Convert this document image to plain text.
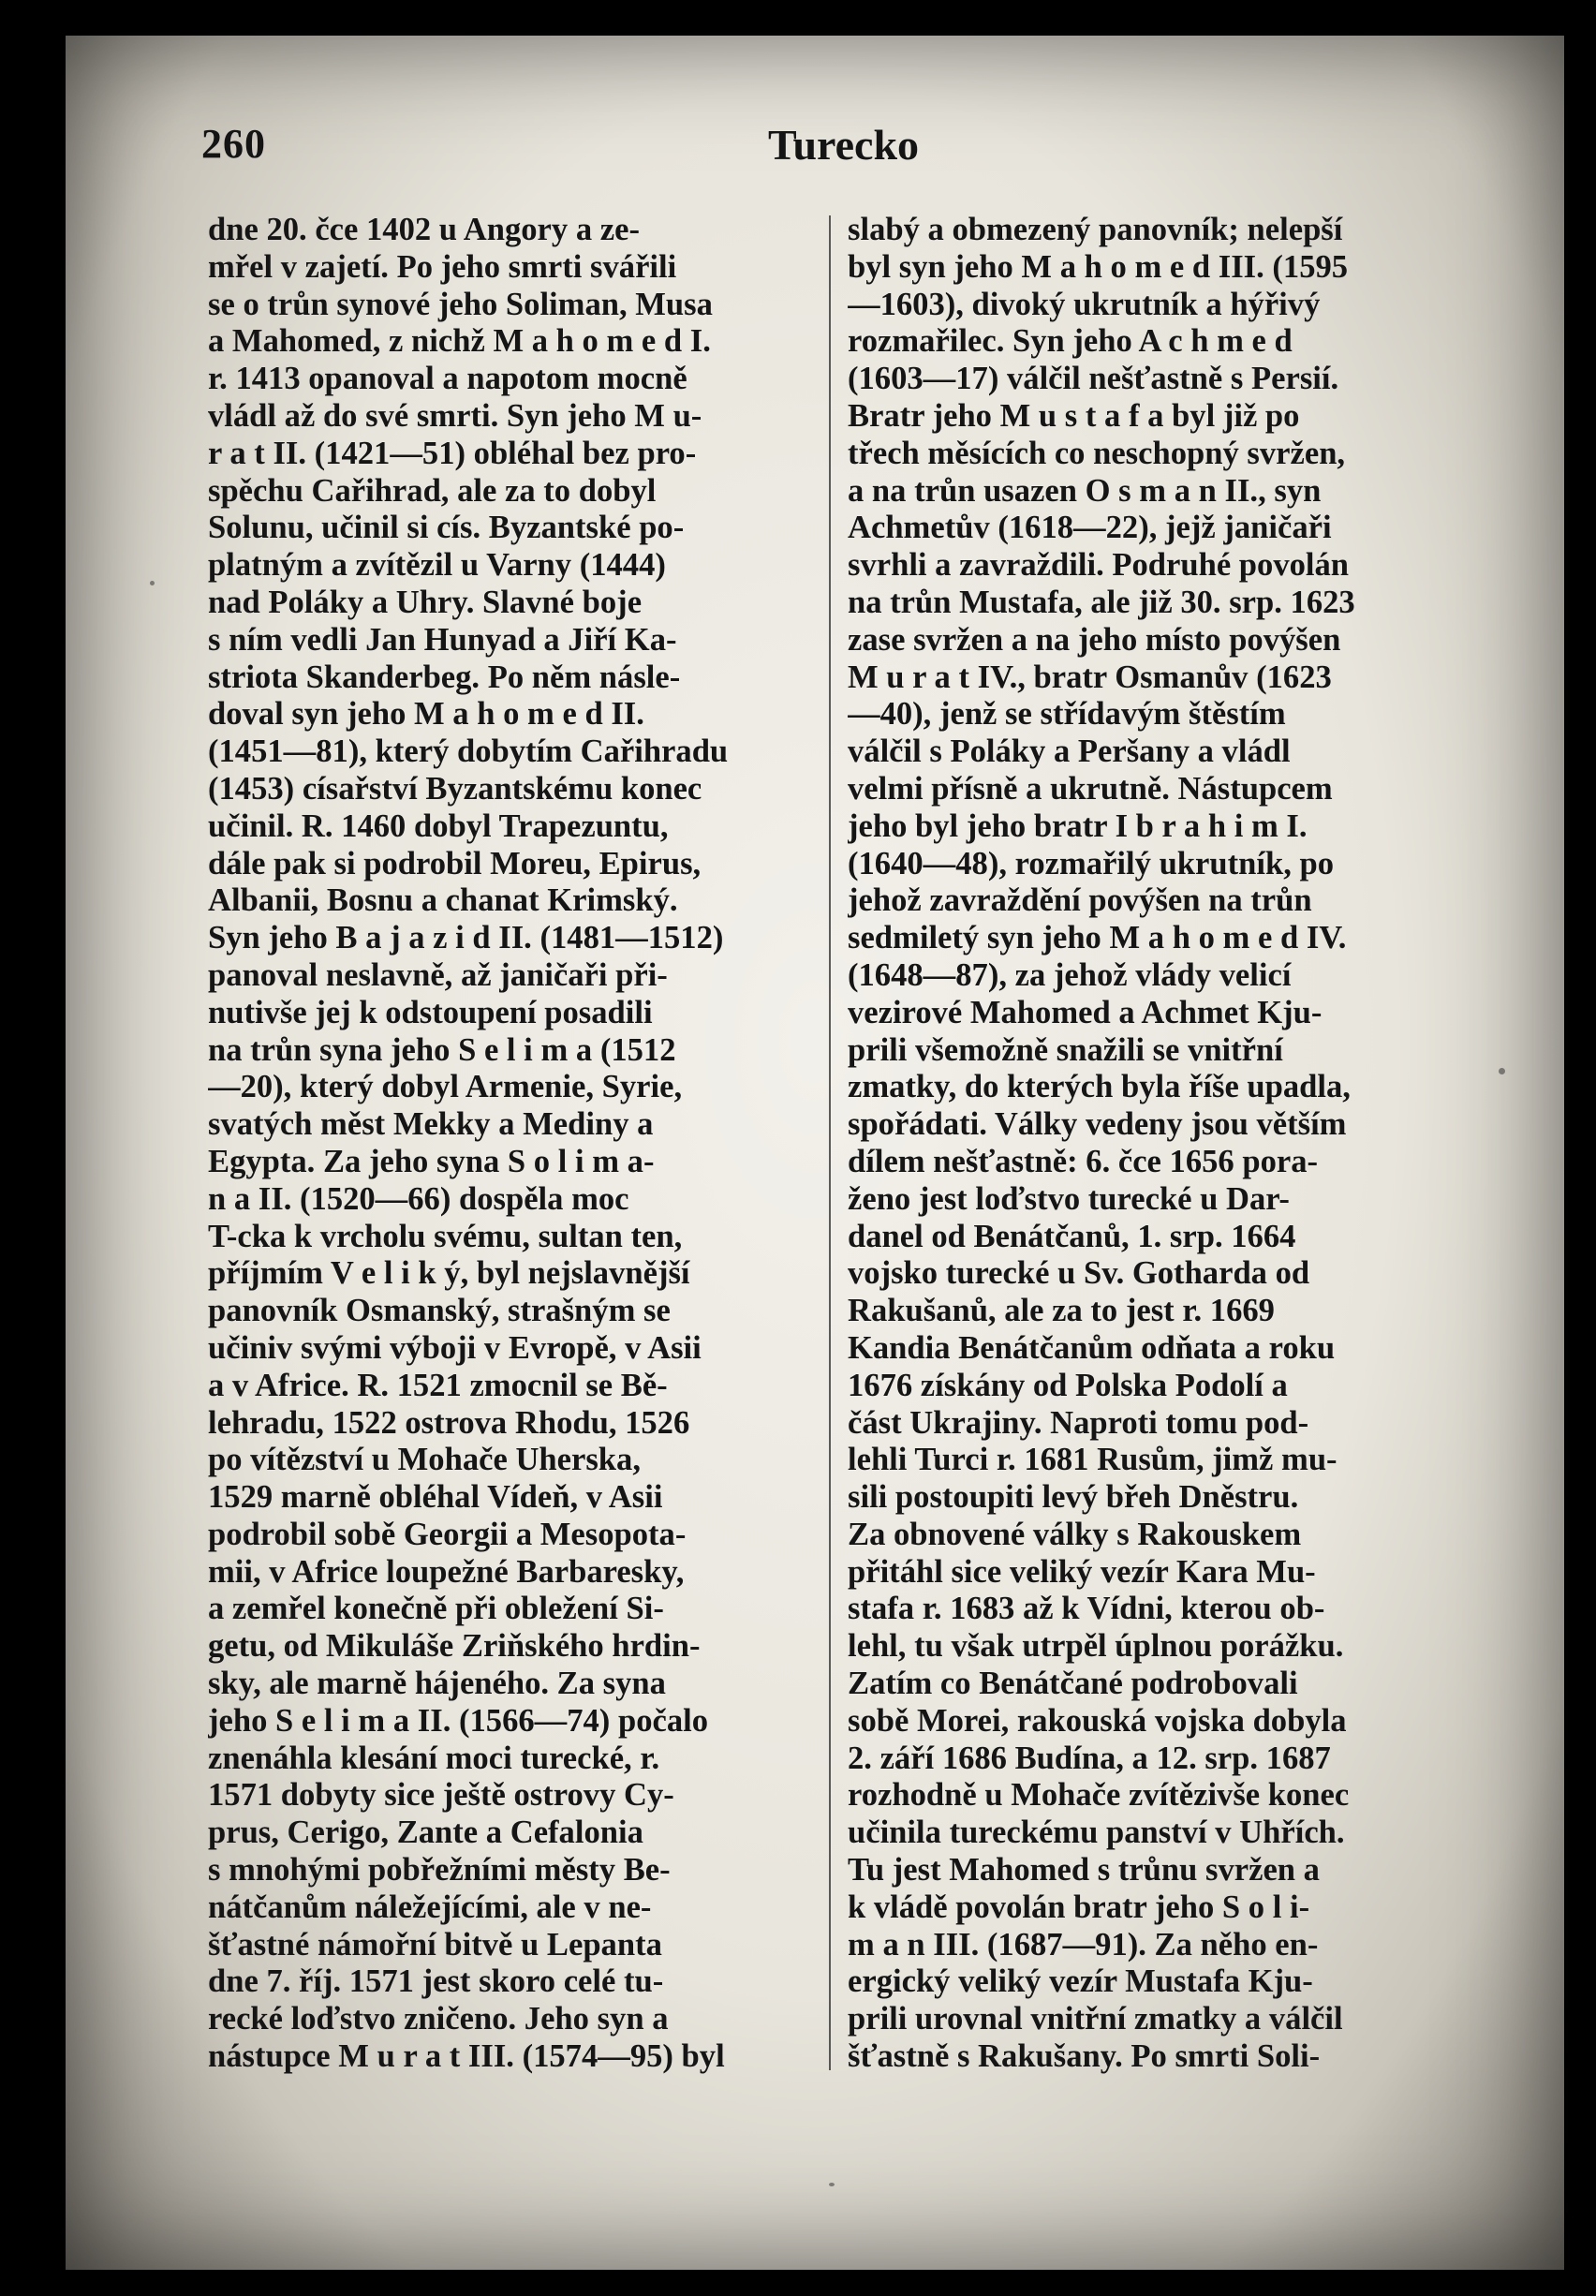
260	Turecko
dne 20. čce 1402 u Angory a ze-
mřel v zajetí. Po jeho smrti svářili
se o trůn synové jeho Soliman, Musa
a Mahomed, z nichž M a h o m e d I.
r. 1413 opanoval a napotom mocně
vládl až do své smrti. Syn jeho M u-
r a t II. (1421—51) obléhal bez pro-
spěchu Cařihrad, ale za to dobyl
Solunu, učinil si cís. Byzantské po-
platným a zvítězil u Varny (1444)
nad Poláky a Uhry. Slavné boje
s ním vedli Jan Hunyad a Jiří Ka-
striota Skanderbeg. Po něm násle-
doval syn jeho M a h o m e d II.
(1451—81), který dobytím Cařihradu
(1453) císařství Byzantskému konec
učinil. R. 1460 dobyl Trapezuntu,
dále pak si podrobil Moreu, Epirus,
Albanii, Bosnu a chanat Krimský.
Syn jeho B a j a z i d II. (1481—1512)
panoval neslavně, až janičaři při-
nutivše jej k odstoupení posadili
na trůn syna jeho S e l i m a (1512
—20), který dobyl Armenie, Syrie,
svatých měst Mekky a Mediny a
Egypta. Za jeho syna S o l i m a-
n a II. (1520—66) dospěla moc
T-cka k vrcholu svému, sultan ten,
příjmím V e l i k ý, byl nejslavnější
panovník Osmanský, strašným se
učiniv svými výboji v Evropě, v Asii
a v Africe. R. 1521 zmocnil se Bě-
lehradu, 1522 ostrova Rhodu, 1526
po vítězství u Mohače Uherska,
1529 marně obléhal Vídeň, v Asii
podrobil sobě Georgii a Mesopota-
mii, v Africe loupežné Barbaresky,
a zemřel konečně při obležení Si-
getu, od Mikuláše Zriňského hrdin-
sky, ale marně hájeného. Za syna
jeho S e l i m a II. (1566—74) počalo
znenáhla klesání moci turecké, r.
1571 dobyty sice ještě ostrovy Cy-
prus, Cerigo, Zante a Cefalonia
s mnohými pobřežními městy Be-
nátčanům náležejícími, ale v ne-
šťastné námořní bitvě u Lepanta
dne 7. říj. 1571 jest skoro celé tu-
recké loďstvo zničeno. Jeho syn a
nástupce M u r a t III. (1574—95) byl
slabý a obmezený panovník; nelepší
byl syn jeho M a h o m e d III. (1595
—1603), divoký ukrutník a hýřivý
rozmařilec. Syn jeho A c h m e d
(1603—17) válčil nešťastně s Persií.
Bratr jeho M u s t a f a byl již po
třech měsících co neschopný svržen,
a na trůn usazen O s m a n II., syn
Achmetův (1618—22), jejž janičaři
svrhli a zavraždili. Podruhé povolán
na trůn Mustafa, ale již 30. srp. 1623
zase svržen a na jeho místo povýšen
M u r a t IV., bratr Osmanův (1623
—40), jenž se střídavým štěstím
válčil s Poláky a Peršany a vládl
velmi přísně a ukrutně. Nástupcem
jeho byl jeho bratr I b r a h i m I.
(1640—48), rozmařilý ukrutník, po
jehož zavraždění povýšen na trůn
sedmiletý syn jeho M a h o m e d IV.
(1648—87), za jehož vlády velicí
vezirové Mahomed a Achmet Kju-
prili všemožně snažili se vnitřní
zmatky, do kterých byla říše upadla,
spořádati. Války vedeny jsou větším
dílem nešťastně: 6. čce 1656 pora-
ženo jest loďstvo turecké u Dar-
danel od Benátčanů, 1. srp. 1664
vojsko turecké u Sv. Gotharda od
Rakušanů, ale za to jest r. 1669
Kandia Benátčanům odňata a roku
1676 získány od Polska Podolí a
část Ukrajiny. Naproti tomu pod-
lehli Turci r. 1681 Rusům, jimž mu-
sili postoupiti levý břeh Dněstru.
Za obnovené války s Rakouskem
přitáhl sice veliký vezír Kara Mu-
stafa r. 1683 až k Vídni, kterou ob-
lehl, tu však utrpěl úplnou porážku.
Zatím co Benátčané podrobovali
sobě Morei, rakouská vojska dobyla
2. září 1686 Budína, a 12. srp. 1687
rozhodně u Mohače zvítězivše konec
učinila tureckému panství v Uhřích.
Tu jest Mahomed s trůnu svržen a
k vládě povolán bratr jeho S o l i-
m a n III. (1687—91). Za něho en-
ergický veliký vezír Mustafa Kju-
prili urovnal vnitřní zmatky a válčil
šťastně s Rakušany. Po smrti Soli-
